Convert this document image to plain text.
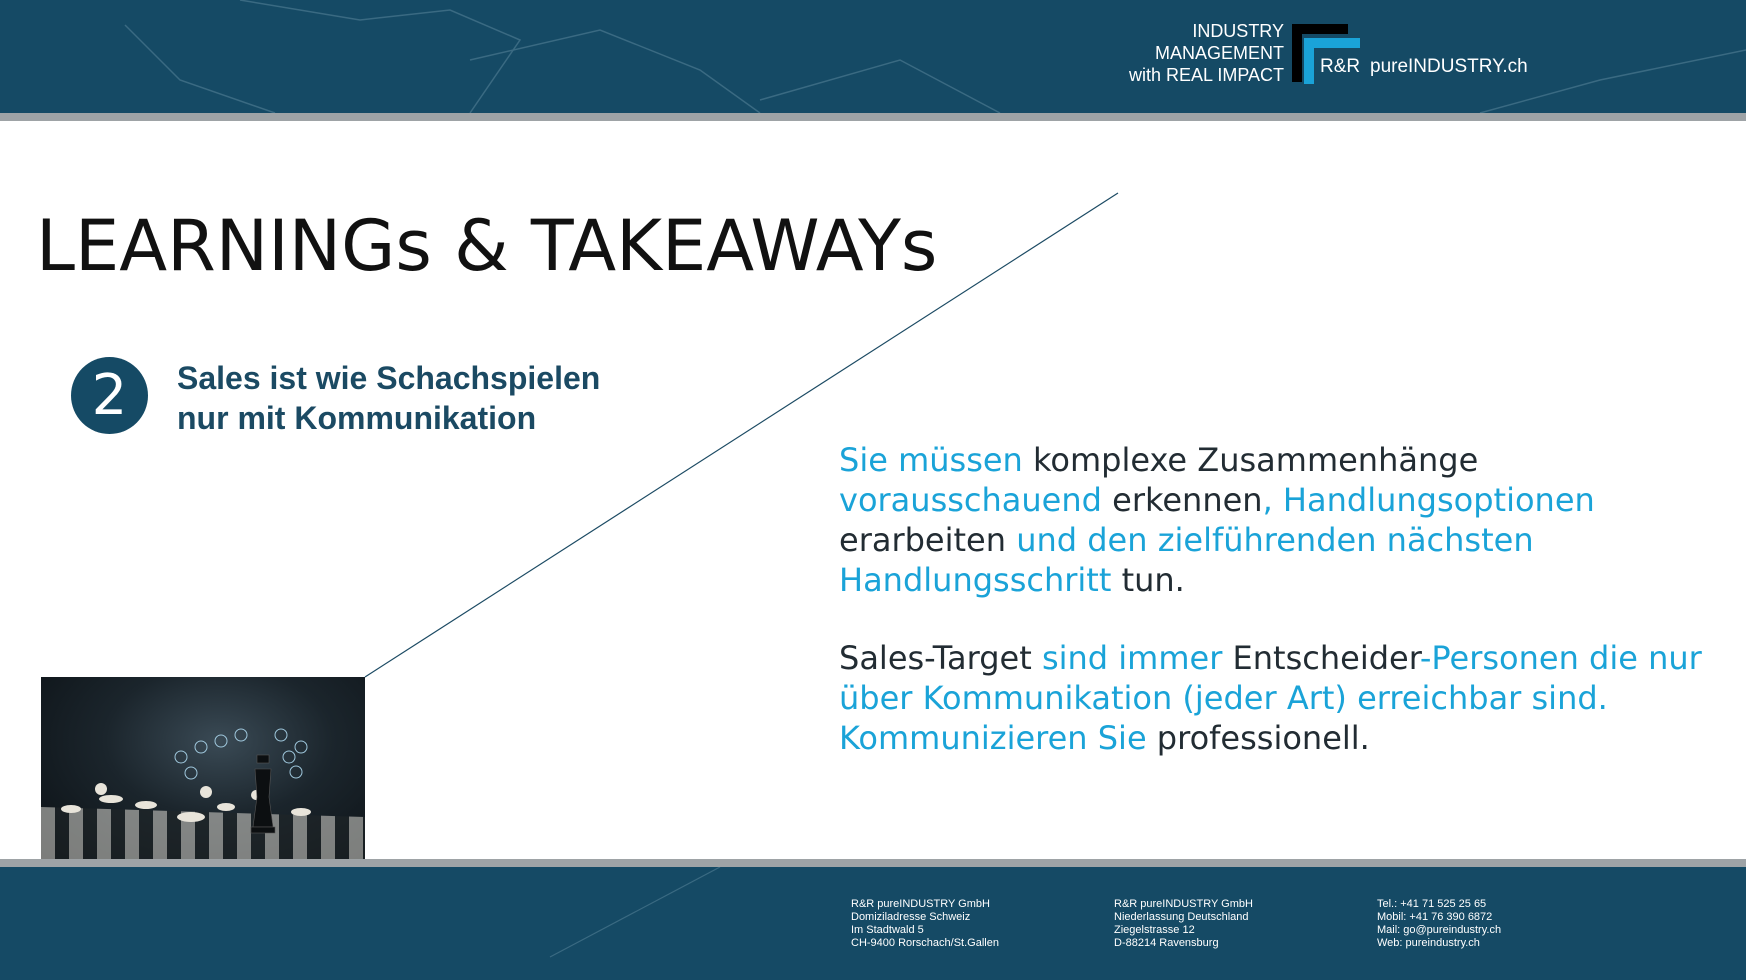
INDUSTRY
MANAGEMENT
with REAL IMPACT R&R pureINDUSTRY.ch
LEARNINGs & TAKEAWAYs
2	Sales ist wie Schachspielen
nur mit Kommunikation
Sie müssen komplexe Zusammenhänge vorausschauend erkennen, Handlungsoptionen erarbeiten und den zielführenden nächsten Handlungsschritt tun.
Sales-Target sind immer Entscheider-Personen die nur über Kommunikation (jeder Art) erreichbar sind. Kommunizieren Sie professionell.
R&R pureINDUSTRY GmbH
Domiziladresse Schweiz
Im Stadtwald 5
CH-9400 Rorschach/St.Gallen
R&R pureINDUSTRY GmbH
Niederlassung Deutschland
Ziegelstrasse 12
D-88214 Ravensburg
Tel.: +41 71 525 25 65
Mobil: +41 76 390 6872
Mail: go@pureindustry.ch
Web: pureindustry.ch
